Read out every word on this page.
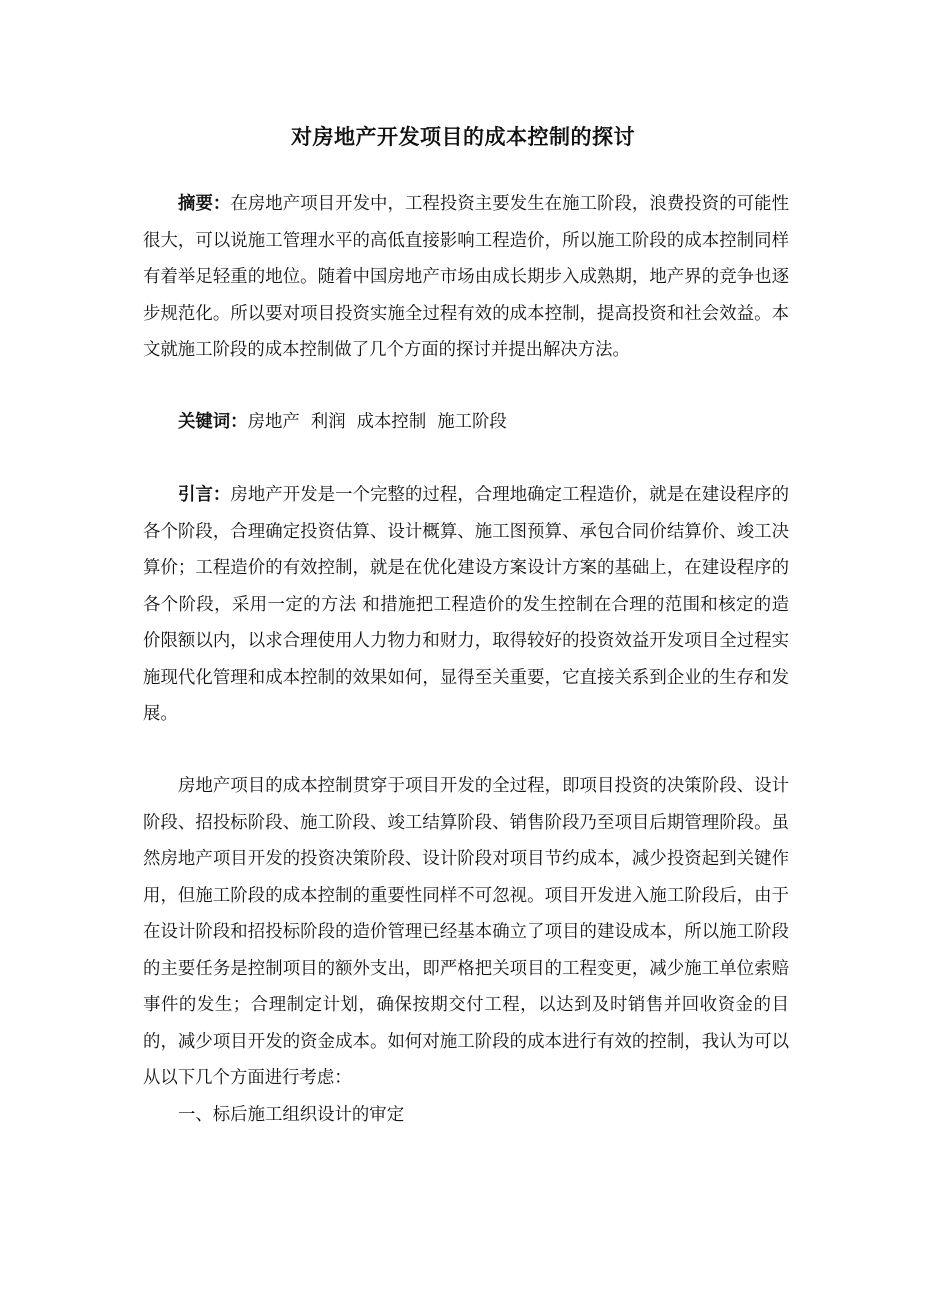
对房地产开发项目的成本控制的探讨

摘要：在房地产项目开发中，工程投资主要发生在施工阶段，浪费投资的可能性很大，可以说施工管理水平的高低直接影响工程造价，所以施工阶段的成本控制同样有着举足轻重的地位。随着中国房地产市场由成长期步入成熟期，地产界的竞争也逐步规范化。所以要对项目投资实施全过程有效的成本控制，提高投资和社会效益。本文就施工阶段的成本控制做了几个方面的探讨并提出解决方法。

关键词：房地产  利润  成本控制  施工阶段

引言：房地产开发是一个完整的过程，合理地确定工程造价，就是在建设程序的各个阶段，合理确定投资估算、设计概算、施工图预算、承包合同价结算价、竣工决算价；工程造价的有效控制，就是在优化建设方案设计方案的基础上，在建设程序的各个阶段，采用一定的方法 和措施把工程造价的发生控制在合理的范围和核定的造价限额以内，以求合理使用人力物力和财力，取得较好的投资效益开发项目全过程实施现代化管理和成本控制的效果如何，显得至关重要，它直接关系到企业的生存和发展。

房地产项目的成本控制贯穿于项目开发的全过程，即项目投资的决策阶段、设计阶段、招投标阶段、施工阶段、竣工结算阶段、销售阶段乃至项目后期管理阶段。虽然房地产项目开发的投资决策阶段、设计阶段对项目节约成本，减少投资起到关键作用，但施工阶段的成本控制的重要性同样不可忽视。项目开发进入施工阶段后，由于在设计阶段和招投标阶段的造价管理已经基本确立了项目的建设成本，所以施工阶段的主要任务是控制项目的额外支出，即严格把关项目的工程变更，减少施工单位索赔事件的发生；合理制定计划，确保按期交付工程，以达到及时销售并回收资金的目的，减少项目开发的资金成本。如何对施工阶段的成本进行有效的控制，我认为可以从以下几个方面进行考虑：

一、标后施工组织设计的审定
